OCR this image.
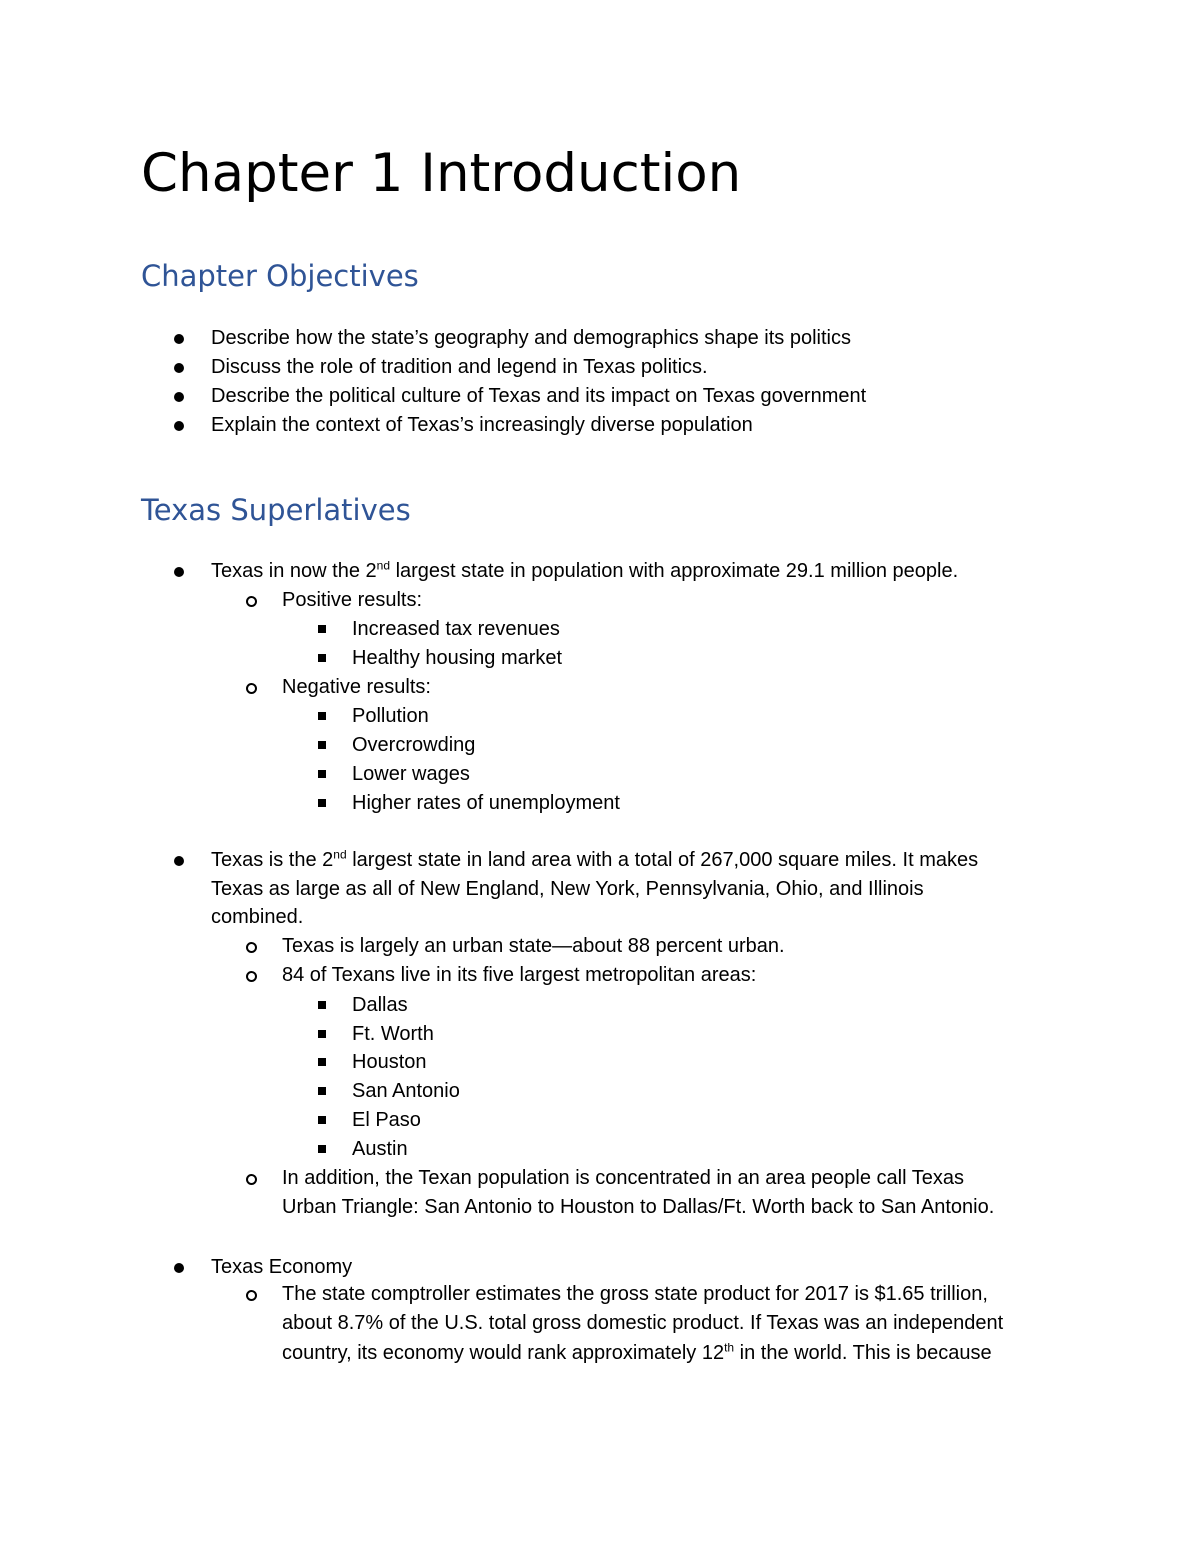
Chapter 1 Introduction
Chapter Objectives
Describe how the state’s geography and demographics shape its politics
Discuss the role of tradition and legend in Texas politics.
Describe the political culture of Texas and its impact on Texas government
Explain the context of Texas’s increasingly diverse population
Texas Superlatives
Texas in now the 2nd largest state in population with approximate 29.1 million people.
Positive results:
Increased tax revenues
Healthy housing market
Negative results:
Pollution
Overcrowding
Lower wages
Higher rates of unemployment
Texas is the 2nd largest state in land area with a total of 267,000 square miles. It makes
Texas as large as all of New England, New York, Pennsylvania, Ohio, and Illinois
combined.
Texas is largely an urban state—about 88 percent urban.
84 of Texans live in its five largest metropolitan areas:
Dallas
Ft. Worth
Houston
San Antonio
El Paso
Austin
In addition, the Texan population is concentrated in an area people call Texas
Urban Triangle: San Antonio to Houston to Dallas/Ft. Worth back to San Antonio.
Texas Economy
The state comptroller estimates the gross state product for 2017 is $1.65 trillion,
about 8.7% of the U.S. total gross domestic product. If Texas was an independent
country, its economy would rank approximately 12th in the world. This is because
